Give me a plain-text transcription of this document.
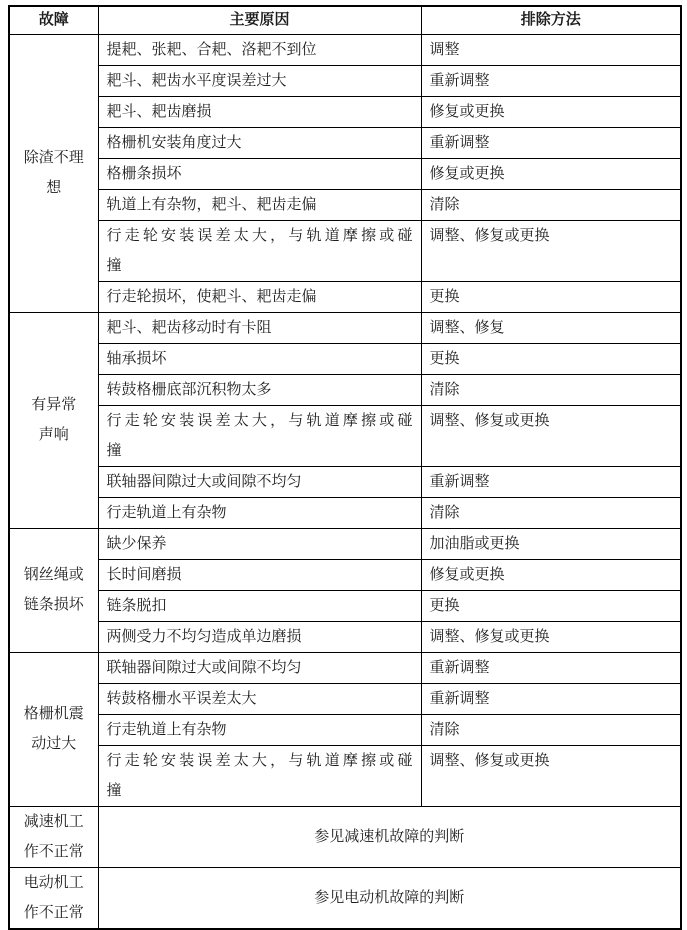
故障	主要原因	排除方法

除渣不理
想	提耙、张耙、合耙、洛耙不到位	调整
	耙斗、耙齿水平度误差过大	重新调整
	耙斗、耙齿磨损	修复或更换
	格栅机安装角度过大	重新调整
	格栅条损坏	修复或更换
	轨道上有杂物，耙斗、耙齿走偏	清除

	行走轮安装误差太大，与轨道摩擦或碰
撞	调整、修复或更换
	行走轮损坏，使耙斗、耙齿走偏	更换

有异常
声响	耙斗、耙齿移动时有卡阻	调整、修复
	轴承损坏	更换
	转鼓格栅底部沉积物太多	清除

	行走轮安装误差太大，与轨道摩擦或碰
撞	调整、修复或更换
	联轴器间隙过大或间隙不均匀	重新调整
	行走轨道上有杂物	清除

钢丝绳或
链条损坏	缺少保养	加油脂或更换
	长时间磨损	修复或更换
	链条脱扣	更换
	两侧受力不均匀造成单边磨损	调整、修复或更换

格栅机震
动过大	联轴器间隙过大或间隙不均匀	重新调整
	转鼓格栅水平误差太大	重新调整
	行走轨道上有杂物	清除

	行走轮安装误差太大，与轨道摩擦或碰
撞	调整、修复或更换

减速机工
作不正常	参见减速机故障的判断	

电动机工
作不正常	参见电动机故障的判断	
